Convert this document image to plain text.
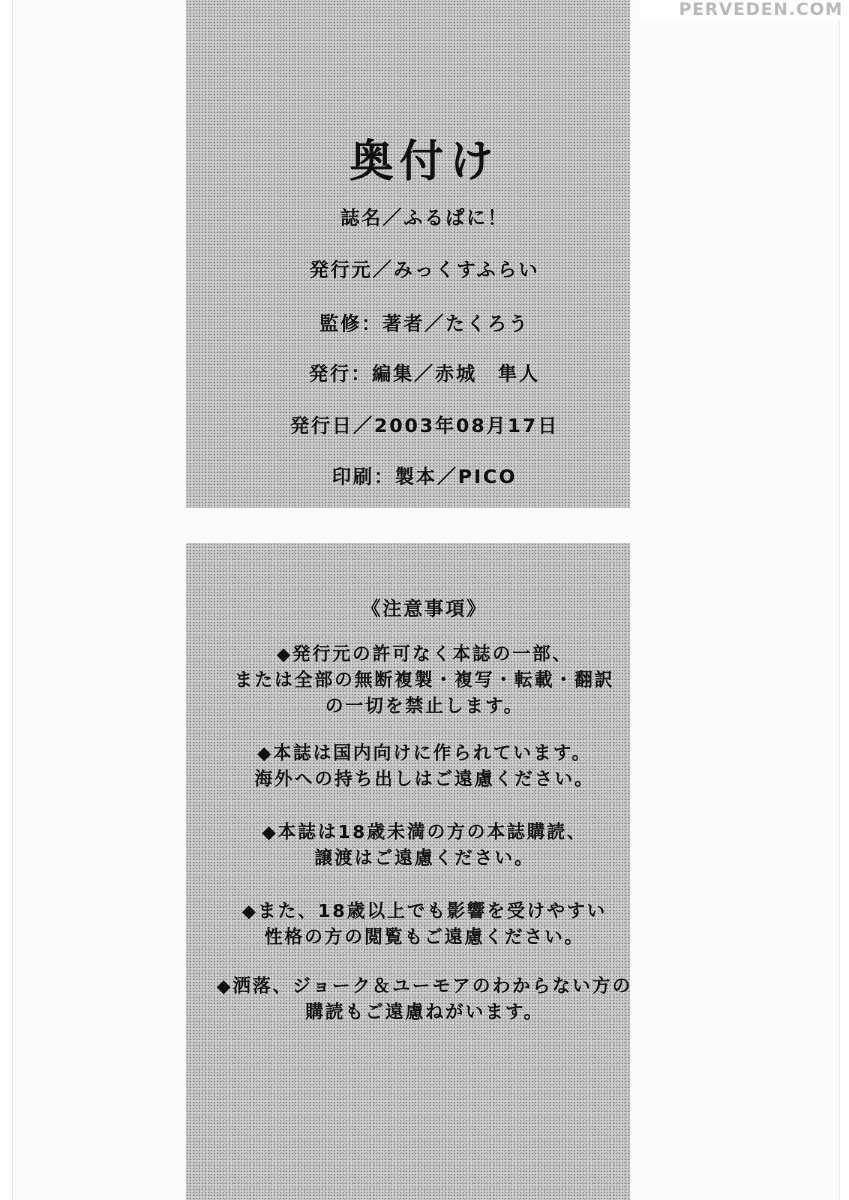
PERVEDEN.COM
奥付け
誌名／ふるぱに！
発行元／みっくすふらい
監修：著者／たくろう
発行：編集／赤城　隼人
発行日／2003年08月17日
印刷：製本／PICO
《注意事項》
◆発行元の許可なく本誌の一部、
または全部の無断複製・複写・転載・翻訳
の一切を禁止します。
◆本誌は国内向けに作られています。
海外への持ち出しはご遠慮ください。
◆本誌は18歳未満の方の本誌購読、
譲渡はご遠慮ください。
◆また、18歳以上でも影響を受けやすい
性格の方の閲覧もご遠慮ください。
◆洒落、ジョーク＆ユーモアのわからない方の
購読もご遠慮ねがいます。
